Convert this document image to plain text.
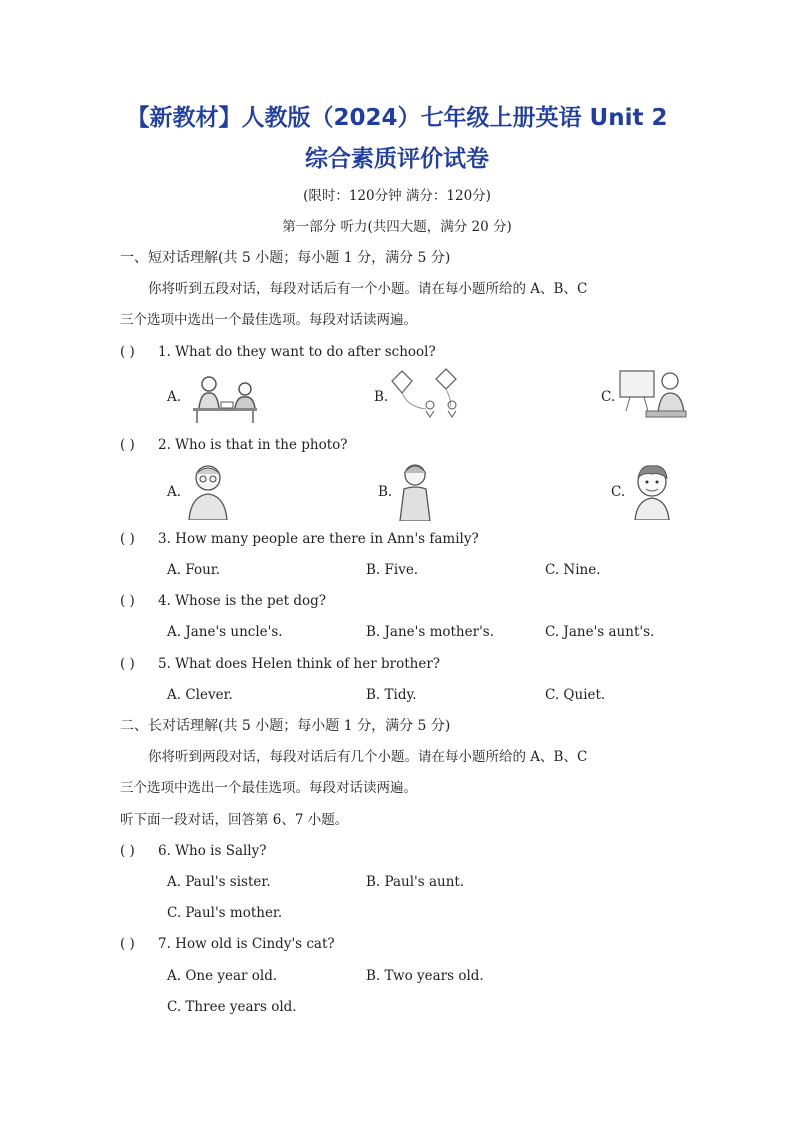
【新教材】人教版（2024）七年级上册英语 Unit 2
综合素质评价试卷
(限时：120分钟 满分：120分)
第一部分 听力(共四大题，满分 20 分)
一、短对话理解(共 5 小题；每小题 1 分，满分 5 分)
你将听到五段对话，每段对话后有一个小题。请在每小题所给的 A、B、C
三个选项中选出一个最佳选项。每段对话读两遍。
( ) 1. What do they want to do after school?
A.	B.	C.
( ) 2. Who is that in the photo?
A.	B.	C.
( ) 3. How many people are there in Ann's family?
A. Four.	B. Five.	C. Nine.
( ) 4. Whose is the pet dog?
A. Jane's uncle's.	B. Jane's mother's.	C. Jane's aunt's.
( ) 5. What does Helen think of her brother?
A. Clever.	B. Tidy.	C. Quiet.
二、长对话理解(共 5 小题；每小题 1 分，满分 5 分)
你将听到两段对话，每段对话后有几个小题。请在每小题所给的 A、B、C
三个选项中选出一个最佳选项。每段对话读两遍。
听下面一段对话，回答第 6、7 小题。
( ) 6. Who is Sally?
A. Paul's sister.	B. Paul's aunt.
C. Paul's mother.
( ) 7. How old is Cindy's cat?
A. One year old.	B. Two years old.
C. Three years old.
